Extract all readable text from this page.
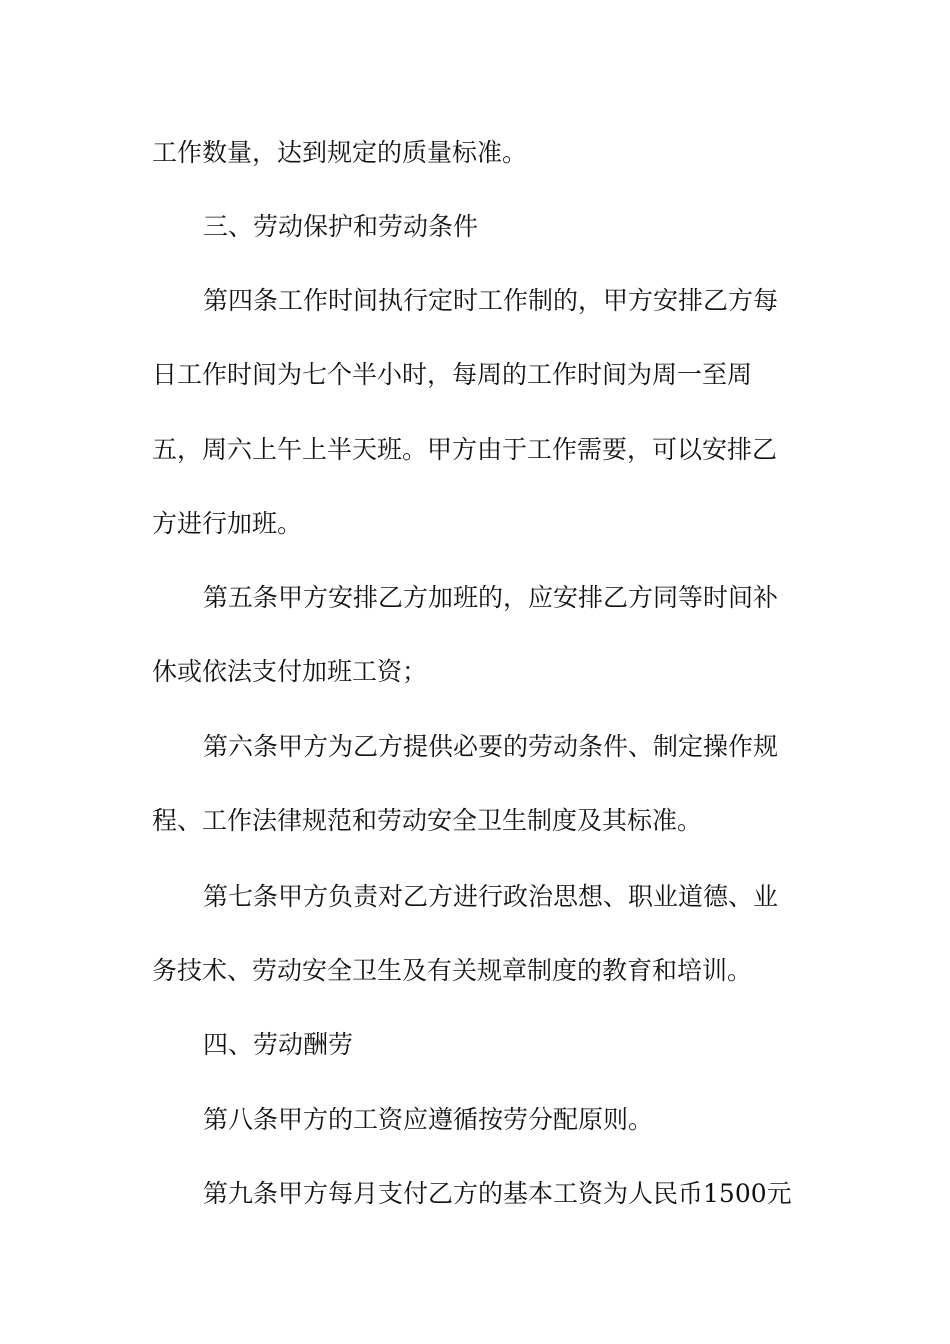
工作数量，达到规定的质量标准。

三、劳动保护和劳动条件

第四条工作时间执行定时工作制的，甲方安排乙方每

日工作时间为七个半小时，每周的工作时间为周一至周

五，周六上午上半天班。甲方由于工作需要，可以安排乙

方进行加班。

第五条甲方安排乙方加班的，应安排乙方同等时间补

休或依法支付加班工资；

第六条甲方为乙方提供必要的劳动条件、制定操作规

程、工作法律规范和劳动安全卫生制度及其标准。

第七条甲方负责对乙方进行政治思想、职业道德、业

务技术、劳动安全卫生及有关规章制度的教育和培训。

四、劳动酬劳

第八条甲方的工资应遵循按劳分配原则。

第九条甲方每月支付乙方的基本工资为人民币1500元
